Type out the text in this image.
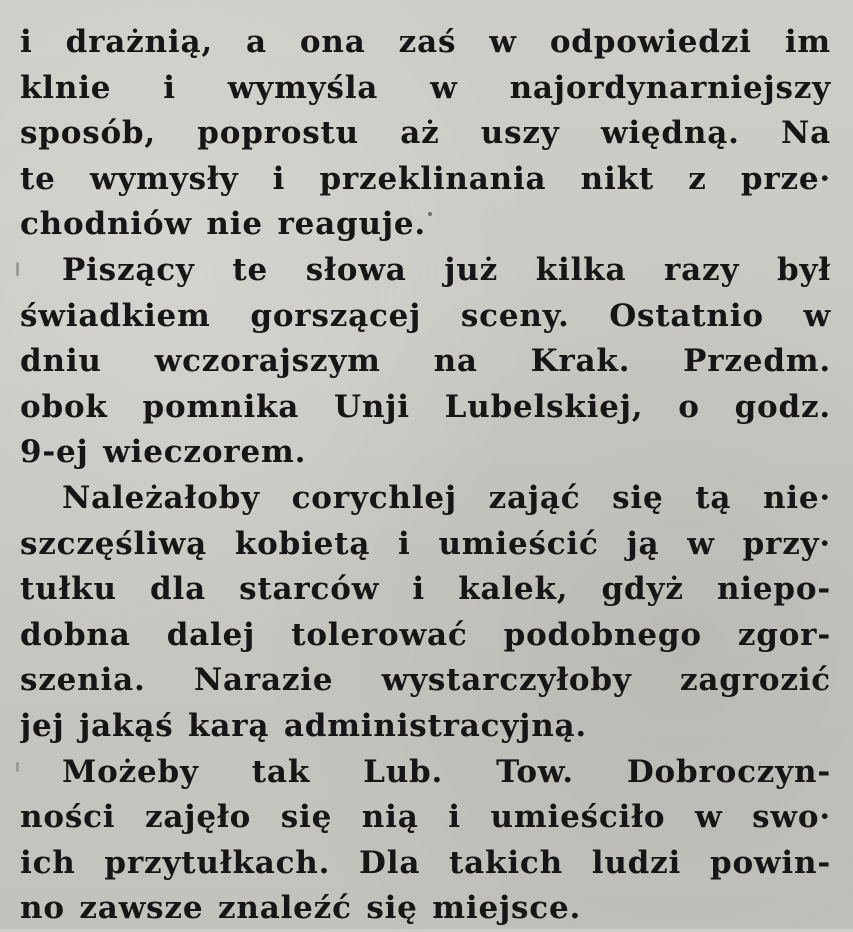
i drażnią, a ona zaś w odpowiedzi im
klnie i wymyśla w najordynarniejszy
sposób, poprostu aż uszy więdną. Na
te wymysły i przeklinania nikt z prze·
chodniów nie reaguje.
Piszący te słowa już kilka razy był
świadkiem gorszącej sceny. Ostatnio w
dniu wczorajszym na Krak. Przedm.
obok pomnika Unji Lubelskiej, o godz.
9-ej wieczorem.
Należałoby corychlej zająć się tą nie·
szczęśliwą kobietą i umieścić ją w przy·
tułku dla starców i kalek, gdyż niepo-
dobna dalej tolerować podobnego zgor-
szenia. Narazie wystarczyłoby zagrozić
jej jakąś karą administracyjną.
Możeby tak Lub. Tow. Dobroczyn-
ności zajęło się nią i umieściło w swo·
ich przytułkach. Dla takich ludzi powin-
no zawsze znaleźć się miejsce.
